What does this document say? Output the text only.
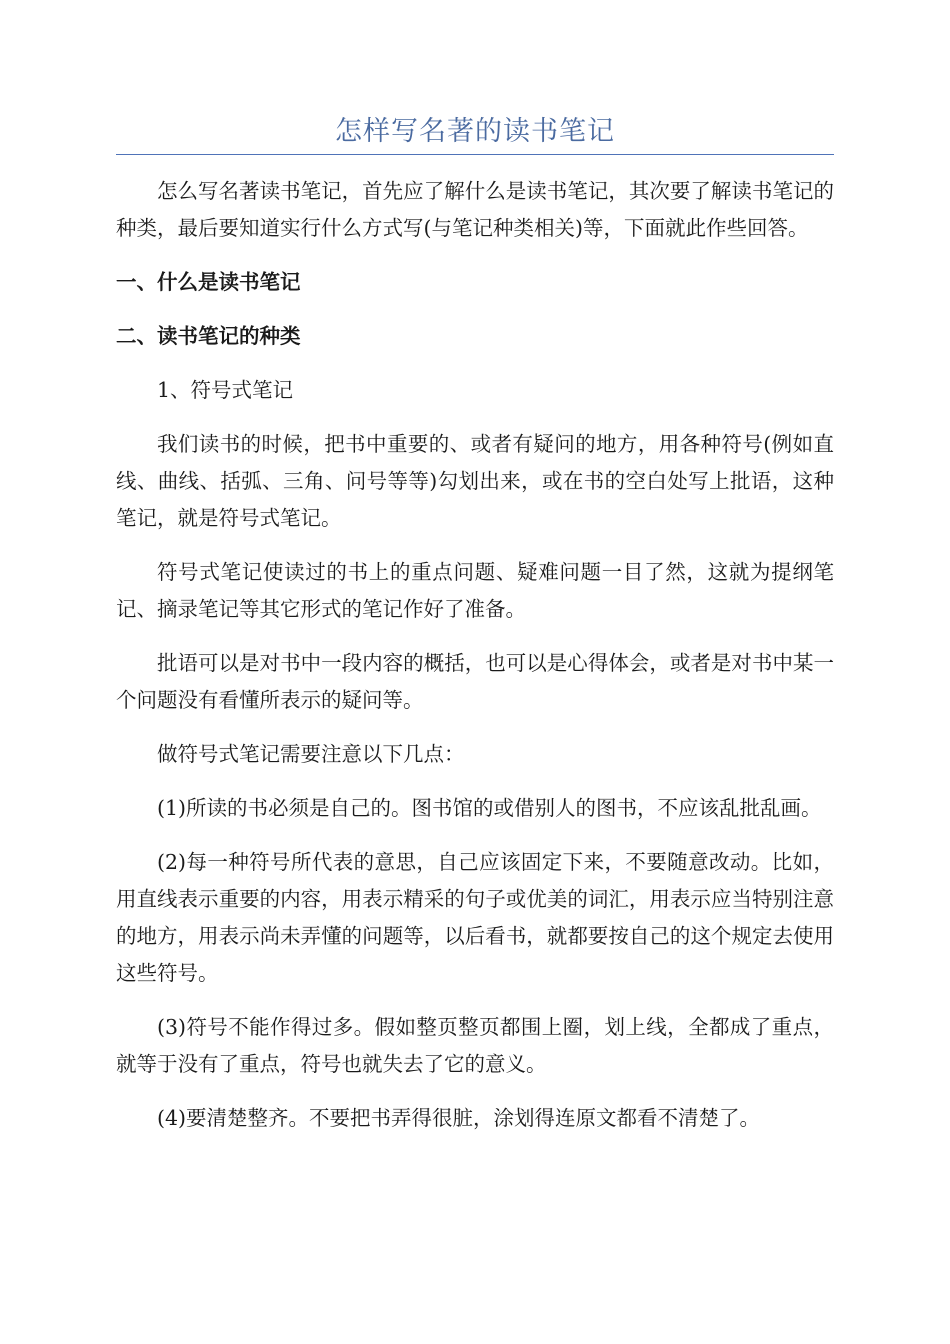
怎样写名著的读书笔记

怎么写名著读书笔记，首先应了解什么是读书笔记，其次要了解读书笔记的种类，最后要知道实行什么方式写(与笔记种类相关)等，下面就此作些回答。

一、什么是读书笔记
二、读书笔记的种类

1、符号式笔记

我们读书的时候，把书中重要的、或者有疑问的地方，用各种符号(例如直线、曲线、括弧、三角、问号等等)勾划出来，或在书的空白处写上批语，这种笔记，就是符号式笔记。

符号式笔记使读过的书上的重点问题、疑难问题一目了然，这就为提纲笔记、摘录笔记等其它形式的笔记作好了准备。

批语可以是对书中一段内容的概括，也可以是心得体会，或者是对书中某一个问题没有看懂所表示的疑问等。

做符号式笔记需要注意以下几点：

(1)所读的书必须是自己的。图书馆的或借别人的图书，不应该乱批乱画。

(2)每一种符号所代表的意思，自己应该固定下来，不要随意改动。比如，用直线表示重要的内容，用表示精采的句子或优美的词汇，用表示应当特别注意的地方，用表示尚未弄懂的问题等，以后看书，就都要按自己的这个规定去使用这些符号。

(3)符号不能作得过多。假如整页整页都围上圈，划上线，全都成了重点，就等于没有了重点，符号也就失去了它的意义。

(4)要清楚整齐。不要把书弄得很脏，涂划得连原文都看不清楚了。
